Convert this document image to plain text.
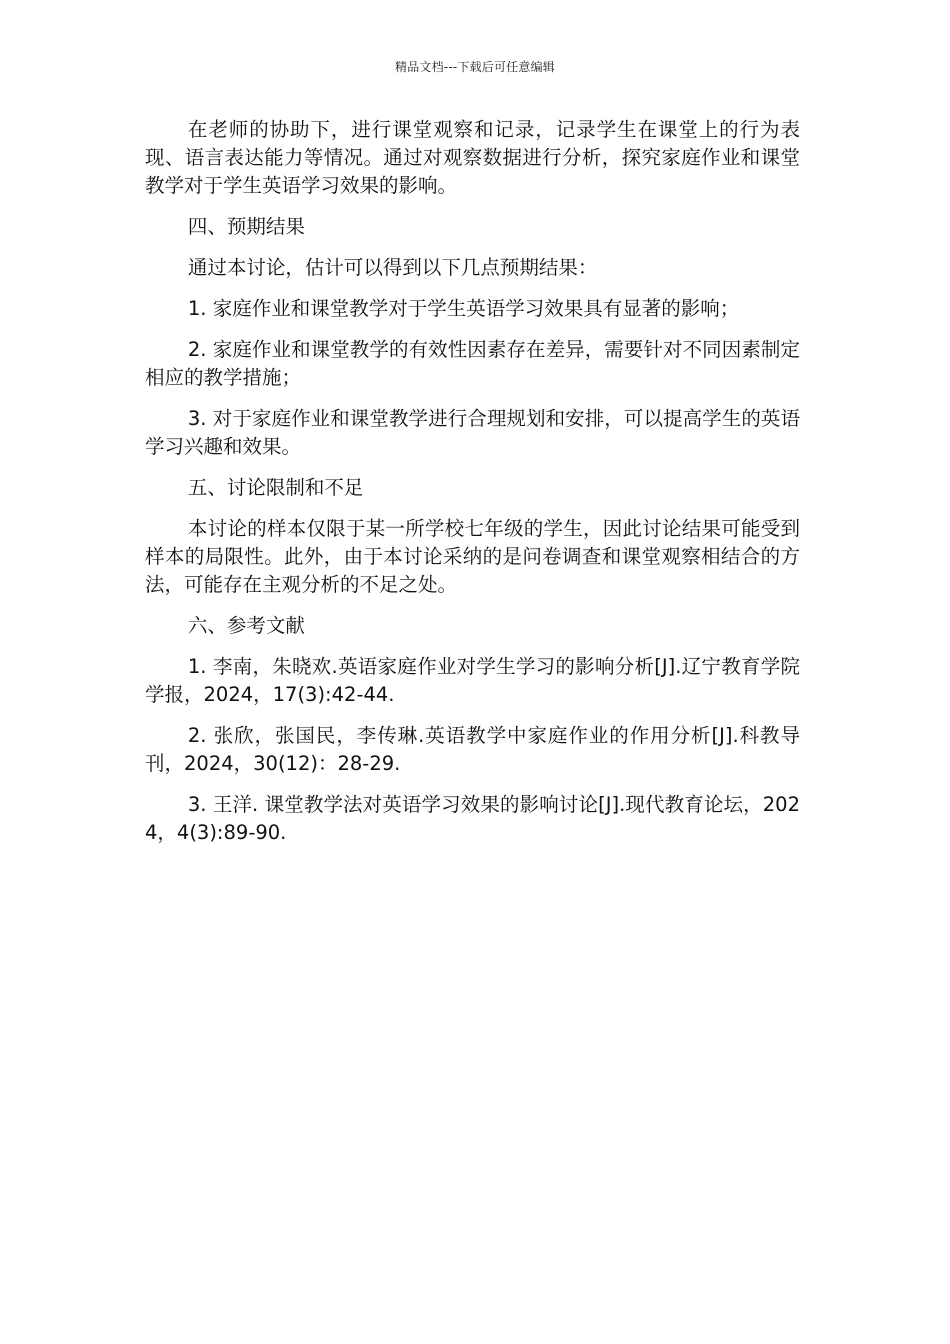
精品文档---下载后可任意编辑

在老师的协助下，进行课堂观察和记录，记录学生在课堂上的行为表现、语言表达能力等情况。通过对观察数据进行分析，探究家庭作业和课堂教学对于学生英语学习效果的影响。

四、预期结果

通过本讨论，估计可以得到以下几点预期结果：

1. 家庭作业和课堂教学对于学生英语学习效果具有显著的影响；

2. 家庭作业和课堂教学的有效性因素存在差异，需要针对不同因素制定相应的教学措施；

3. 对于家庭作业和课堂教学进行合理规划和安排，可以提高学生的英语学习兴趣和效果。

五、讨论限制和不足

本讨论的样本仅限于某一所学校七年级的学生，因此讨论结果可能受到样本的局限性。此外，由于本讨论采纳的是问卷调查和课堂观察相结合的方法，可能存在主观分析的不足之处。

六、参考文献

1. 李南，朱晓欢.英语家庭作业对学生学习的影响分析[J].辽宁教育学院学报，2024，17(3):42-44.

2. 张欣，张国民，李传琳.英语教学中家庭作业的作用分析[J].科教导刊，2024，30(12)：28-29.

3. 王洋. 课堂教学法对英语学习效果的影响讨论[J].现代教育论坛，2024，4(3):89-90.
